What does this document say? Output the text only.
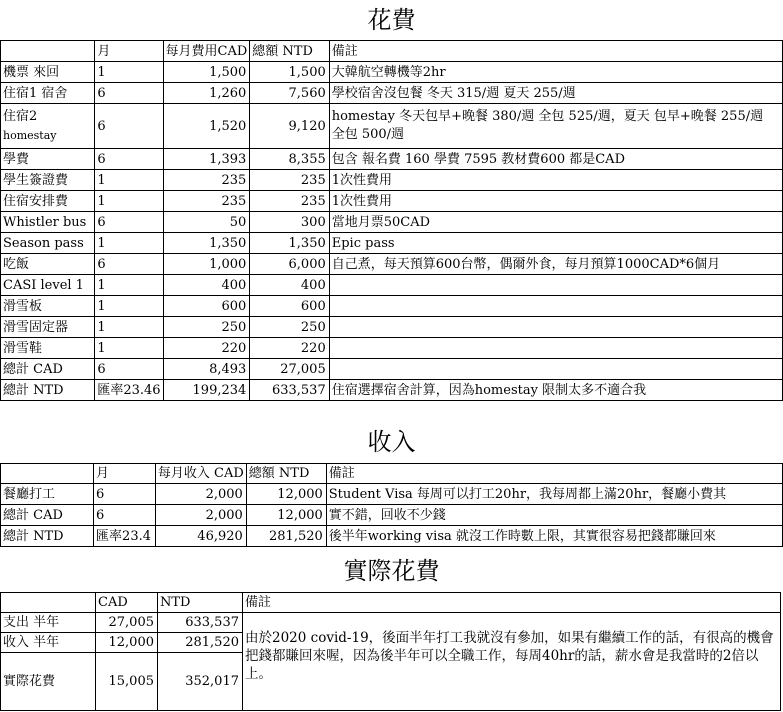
花費
	月	每月費用CAD	總額 NTD	備註
機票 來回	1	1,500	1,500	大韓航空轉機等2hr
住宿1 宿舍	6	1,260	7,560	學校宿舍沒包餐 冬天 315/週 夏天 255/週

住宿2
homestay	6	1,520	9,120	homestay 冬天包早+晚餐 380/週 全包 525/週，夏天 包早+晚餐 255/週 全包 500/週
學費	6	1,393	8,355	包含 報名費 160 學費 7595 教材費600 都是CAD
學生簽證費	1	235	235	1次性費用
住宿安排費	1	235	235	1次性費用
Whistler bus	6	50	300	當地月票50CAD
Season pass	1	1,350	1,350	Epic pass
吃飯	6	1,000	6,000	自己煮，每天預算600台幣，偶爾外食，每月預算1000CAD*6個月
CASI level 1	1	400	400	
滑雪板	1	600	600	
滑雪固定器	1	250	250	
滑雪鞋	1	220	220	
總計 CAD	6	8,493	27,005	
總計 NTD	匯率23.46	199,234	633,537	住宿選擇宿舍計算，因為homestay 限制太多不適合我
收入
	月	每月收入 CAD	總額 NTD	備註
餐廳打工	6	2,000	12,000	Student Visa 每周可以打工20hr，我每周都上滿20hr，餐廳小費其
總計 CAD	6	2,000	12,000	實不錯，回收不少錢
總計 NTD	匯率23.4	46,920	281,520	後半年working visa 就沒工作時數上限，其實很容易把錢都賺回來
實際花費
	CAD	NTD	備註
支出 半年	27,005	633,537	由於2020 covid-19，後面半年打工我就沒有參加，如果有繼續工作的話，有很高的機會把錢都賺回來喔，因為後半年可以全職工作，每周40hr的話，薪水會是我當時的2倍以上。
收入 半年	12,000	281,520	
實際花費	15,005	352,017	
